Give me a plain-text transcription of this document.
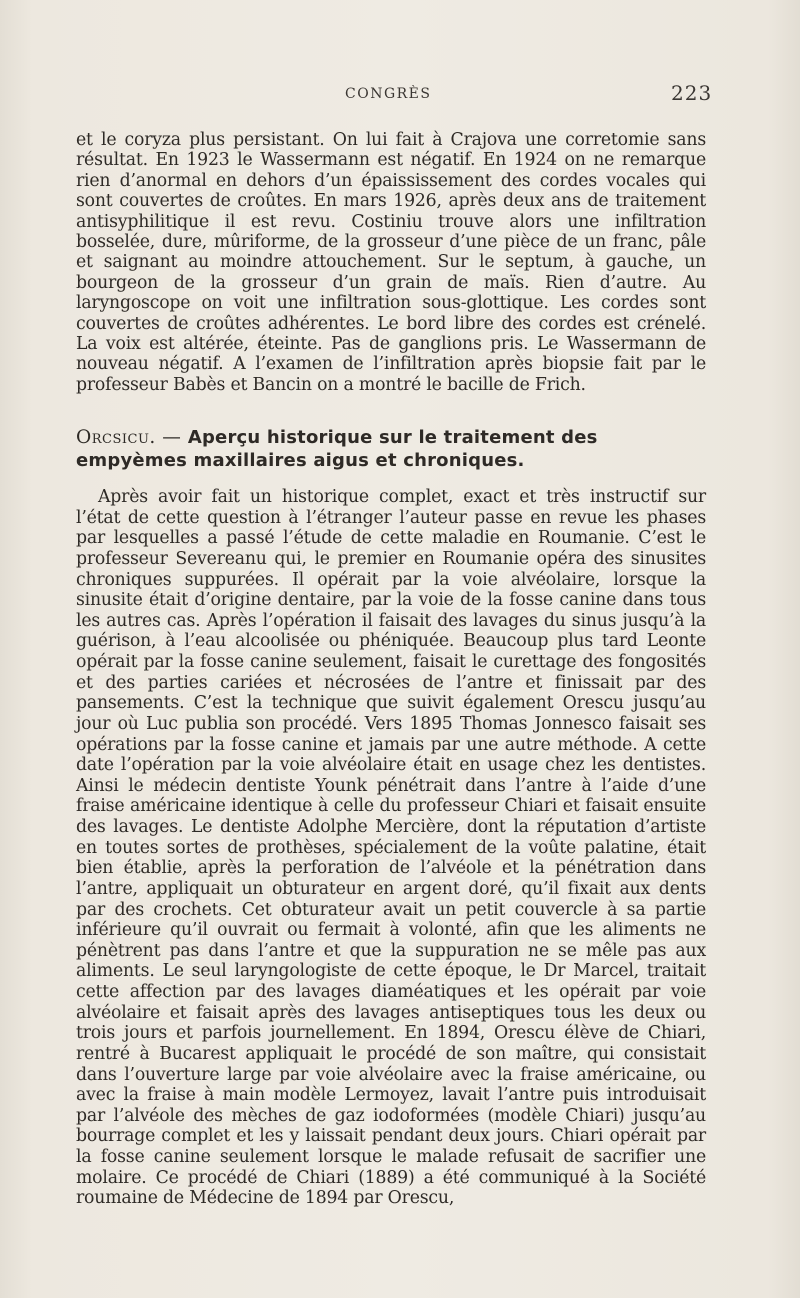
CONGRÈS	223

et le coryza plus persistant. On lui fait à Crajova une corretomie sans résultat. En 1923 le Wassermann est négatif. En 1924 on ne remarque rien d’anormal en dehors d’un épaississement des cordes vocales qui sont couvertes de croûtes. En mars 1926, après deux ans de traitement antisyphilitique il est revu. Costiniu trouve alors une infiltration bosselée, dure, mûriforme, de la grosseur d’une pièce de un franc, pâle et saignant au moindre attouchement. Sur le septum, à gauche, un bourgeon de la grosseur d’un grain de maïs. Rien d’autre. Au laryngoscope on voit une infiltration sous-glottique. Les cordes sont couvertes de croûtes adhérentes. Le bord libre des cordes est crénelé. La voix est altérée, éteinte. Pas de ganglions pris. Le Wassermann de nouveau négatif. A l’examen de l’infiltration après biopsie fait par le professeur Babès et Bancin on a montré le bacille de Frich.

Orcsicu. — Aperçu historique sur le traitement des empyèmes maxillaires aigus et chroniques.

Après avoir fait un historique complet, exact et très instructif sur l’état de cette question à l’étranger l’auteur passe en revue les phases par lesquelles a passé l’étude de cette maladie en Roumanie. C’est le professeur Severeanu qui, le premier en Roumanie opéra des sinusites chroniques suppurées. Il opérait par la voie alvéolaire, lorsque la sinusite était d’origine dentaire, par la voie de la fosse canine dans tous les autres cas. Après l’opération il faisait des lavages du sinus jusqu’à la guérison, à l’eau alcoolisée ou phéniquée. Beaucoup plus tard Leonte opérait par la fosse canine seulement, faisait le curettage des fongosités et des parties cariées et nécrosées de l’antre et finissait par des pansements. C’est la technique que suivit également Orescu jusqu’au jour où Luc publia son procédé. Vers 1895 Thomas Jonnesco faisait ses opérations par la fosse canine et jamais par une autre méthode. A cette date l’opération par la voie alvéolaire était en usage chez les dentistes. Ainsi le médecin dentiste Younk pénétrait dans l’antre à l’aide d’une fraise américaine identique à celle du professeur Chiari et faisait ensuite des lavages. Le dentiste Adolphe Mercière, dont la réputation d’artiste en toutes sortes de prothèses, spécialement de la voûte palatine, était bien établie, après la perforation de l’alvéole et la pénétration dans l’antre, appliquait un obturateur en argent doré, qu’il fixait aux dents par des crochets. Cet obturateur avait un petit couvercle à sa partie inférieure qu’il ouvrait ou fermait à volonté, afin que les aliments ne pénètrent pas dans l’antre et que la suppuration ne se mêle pas aux aliments. Le seul laryngologiste de cette époque, le Dr Marcel, traitait cette affection par des lavages diaméatiques et les opérait par voie alvéolaire et faisait après des lavages antiseptiques tous les deux ou trois jours et parfois journellement. En 1894, Orescu élève de Chiari, rentré à Bucarest appliquait le procédé de son maître, qui consistait dans l’ouverture large par voie alvéolaire avec la fraise américaine, ou avec la fraise à main modèle Lermoyez, lavait l’antre puis introduisait par l’alvéole des mèches de gaz iodoformées (modèle Chiari) jusqu’au bourrage complet et les y laissait pendant deux jours. Chiari opérait par la fosse canine seulement lorsque le malade refusait de sacrifier une molaire. Ce procédé de Chiari (1889) a été communiqué à la Société roumaine de Médecine de 1894 par Orescu,
